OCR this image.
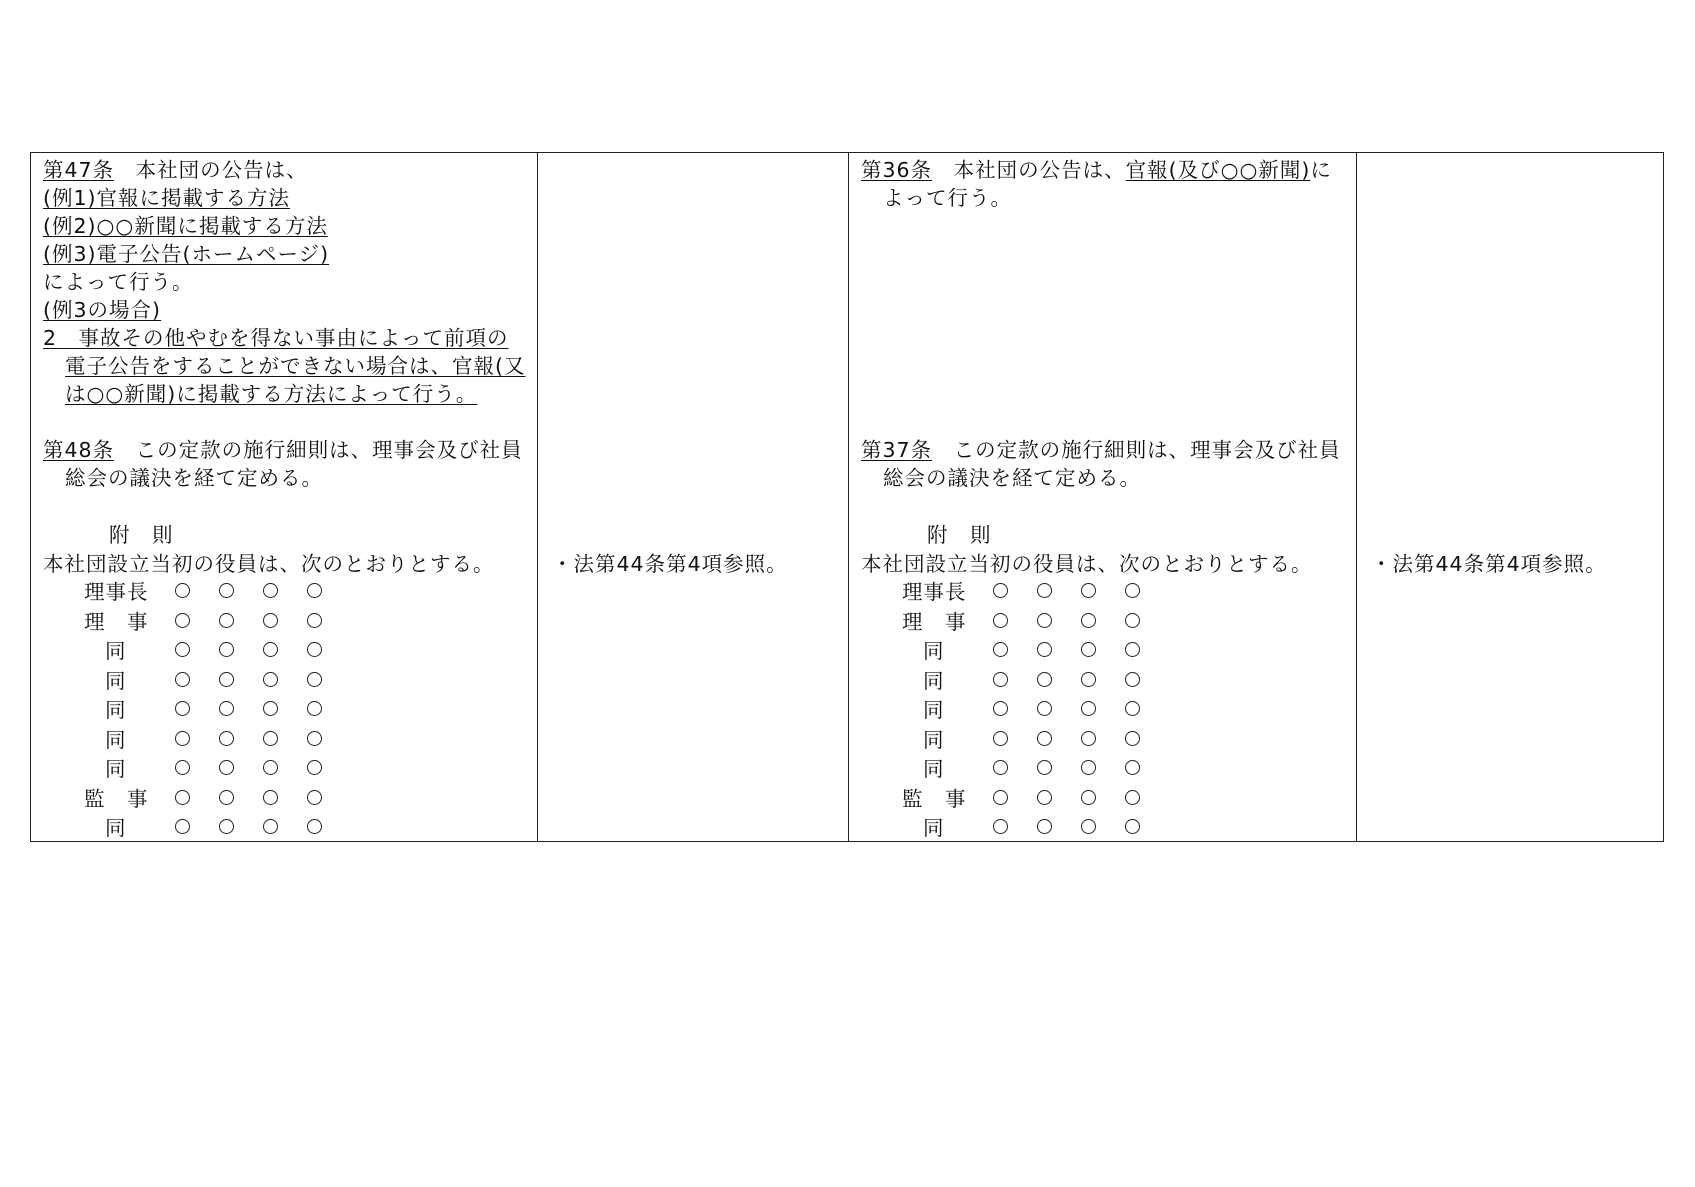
第47条　本社団の公告は、
(例1)官報に掲載する方法
(例2)○○新聞に掲載する方法
(例3)電子公告(ホームページ)
によって行う。
(例3の場合)
2　事故その他やむを得ない事由によって前項の
電子公告をすることができない場合は、官報(又
は○○新聞)に掲載する方法によって行う。
第48条　この定款の施行細則は、理事会及び社員
総会の議決を経て定める。
附　則
本社団設立当初の役員は、次のとおりとする。
理事長
理　事
同
同
同
同
同
監　事
同
・法第44条第4項参照。
第36条　本社団の公告は、官報(及び○○新聞)に
よって行う。
第37条　この定款の施行細則は、理事会及び社員
総会の議決を経て定める。
附　則
本社団設立当初の役員は、次のとおりとする。
理事長
理　事
同
同
同
同
同
監　事
同
・法第44条第4項参照。
